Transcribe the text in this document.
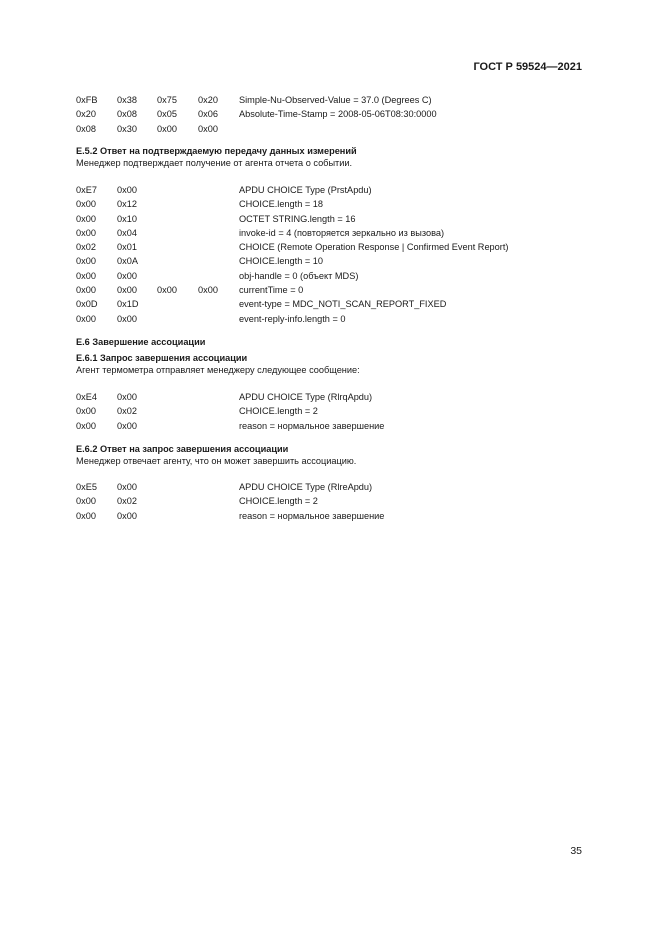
ГОСТ Р 59524—2021
0xFB 0x38 0x75 0x20 Simple-Nu-Observed-Value = 37.0 (Degrees C)
0x20 0x08 0x05 0x06 Absolute-Time-Stamp = 2008-05-06T08:30:0000
0x08 0x30 0x00 0x00
E.5.2 Ответ на подтверждаемую передачу данных измерений
Менеджер подтверждает получение от агента отчета о событии.
0xE7 0x00	APDU CHOICE Type (PrstApdu)
0x00 0x12	CHOICE.length = 18
0x00 0x10	OCTET STRING.length = 16
0x00 0x04	invoke-id = 4 (повторяется зеркально из вызова)
0x02 0x01	CHOICE (Remote Operation Response | Confirmed Event Report)
0x00 0x0A	CHOICE.length = 10
0x00 0x00	obj-handle = 0 (объект MDS)
0x00 0x00 0x00 0x00 currentTime = 0
0x0D 0x1D	event-type = MDC_NOTI_SCAN_REPORT_FIXED
0x00 0x00	event-reply-info.length = 0
E.6 Завершение ассоциации
E.6.1 Запрос завершения ассоциации
Агент термометра отправляет менеджеру следующее сообщение:
0xE4 0x00	APDU CHOICE Type (RlrqApdu)
0x00 0x02	CHOICE.length = 2
0x00 0x00	reason = нормальное завершение
E.6.2 Ответ на запрос завершения ассоциации
Менеджер отвечает агенту, что он может завершить ассоциацию.
0xE5 0x00	APDU CHOICE Type (RlreApdu)
0x00 0x02	CHOICE.length = 2
0x00 0x00	reason = нормальное завершение
35
